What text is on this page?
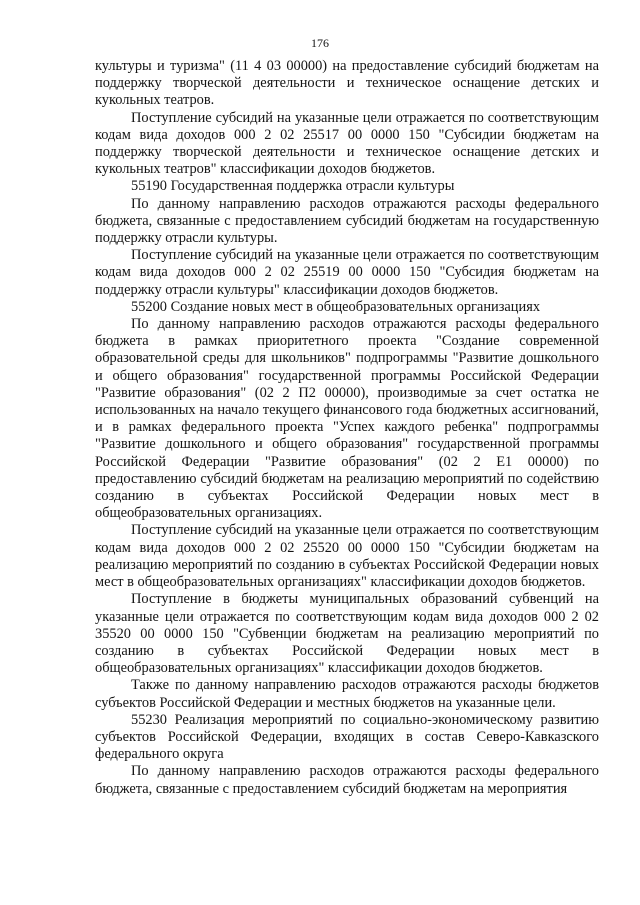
176

культуры и туризма" (11 4 03 00000) на предоставление субсидий бюджетам на поддержку творческой деятельности и техническое оснащение детских и кукольных театров.

Поступление субсидий на указанные цели отражается по соответствующим кодам вида доходов 000 2 02 25517 00 0000 150 "Субсидии бюджетам на поддержку творческой деятельности и техническое оснащение детских и кукольных театров" классификации доходов бюджетов.

55190 Государственная поддержка отрасли культуры

По данному направлению расходов отражаются расходы федерального бюджета, связанные с предоставлением субсидий бюджетам на государственную поддержку отрасли культуры.

Поступление субсидий на указанные цели отражается по соответствующим кодам вида доходов 000 2 02 25519 00 0000 150 "Субсидия бюджетам на поддержку отрасли культуры" классификации доходов бюджетов.

55200 Создание новых мест в общеобразовательных организациях

По данному направлению расходов отражаются расходы федерального бюджета в рамках приоритетного проекта "Создание современной образовательной среды для школьников" подпрограммы "Развитие дошкольного и общего образования" государственной программы Российской Федерации "Развитие образования" (02 2 П2 00000), производимые за счет остатка не использованных на начало текущего финансового года бюджетных ассигнований, и в рамках федерального проекта "Успех каждого ребенка" подпрограммы "Развитие дошкольного и общего образования" государственной программы Российской Федерации "Развитие образования" (02 2 Е1 00000) по предоставлению субсидий бюджетам на реализацию мероприятий по содействию созданию в субъектах Российской Федерации новых мест в общеобразовательных организациях.

Поступление субсидий на указанные цели отражается по соответствующим кодам вида доходов 000 2 02 25520 00 0000 150 "Субсидии бюджетам на реализацию мероприятий по созданию в субъектах Российской Федерации новых мест в общеобразовательных организациях" классификации доходов бюджетов.

Поступление в бюджеты муниципальных образований субвенций на указанные цели отражается по соответствующим кодам вида доходов 000 2 02 35520 00 0000 150 "Субвенции бюджетам на реализацию мероприятий по созданию в субъектах Российской Федерации новых мест в общеобразовательных организациях" классификации доходов бюджетов.

Также по данному направлению расходов отражаются расходы бюджетов субъектов Российской Федерации и местных бюджетов на указанные цели.

55230 Реализация мероприятий по социально-экономическому развитию субъектов Российской Федерации, входящих в состав Северо-Кавказского федерального округа

По данному направлению расходов отражаются расходы федерального бюджета, связанные с предоставлением субсидий бюджетам на мероприятия
